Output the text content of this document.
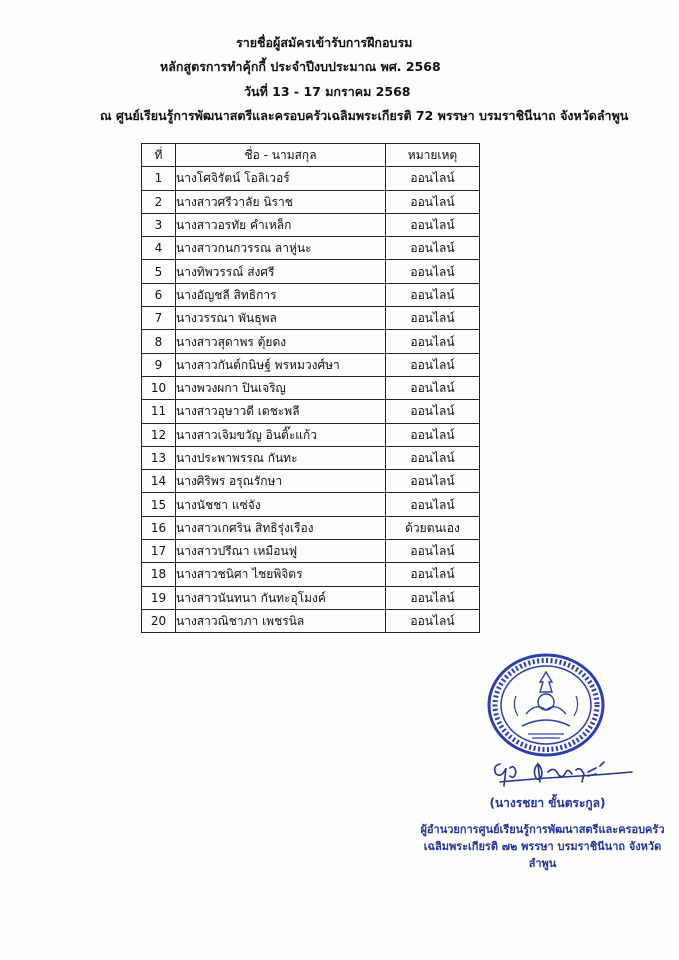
รายชื่อผู้สมัครเข้ารับการฝึกอบรม
หลักสูตรการทำคุ้กกี้ ประจำปีงบประมาณ พศ. 2568
วันที่ 13 - 17 มกราคม 2568
ณ ศูนย์เรียนรู้การพัฒนาสตรีและครอบครัวเฉลิมพระเกียรติ 72 พรรษา บรมราชินีนาถ จังหวัดลำพูน
ที่	ชื่อ - นามสกุล	หมายเหตุ
1	นางโศจิรัตน์ โอลิเวอร์	ออนไลน์
2	นางสาวศรีวาลัย นิราช	ออนไลน์
3	นางสาวอรทัย คำเหล็ก	ออนไลน์
4	นางสาวกนกวรรณ ลาหู่นะ	ออนไลน์
5	นางทิพวรรณ์ ส่งศรี	ออนไลน์
6	นางอัญชลี สิทธิการ	ออนไลน์
7	นางวรรณา พันธุพล	ออนไลน์
8	นางสาวสุดาพร ตุ้ยดง	ออนไลน์
9	นางสาวกันต์กนิษฐ์ พรหมวงศ์ษา	ออนไลน์
10	นางพวงผกา ปินเจริญ	ออนไลน์
11	นางสาวอุษาวดี เตชะพลี	ออนไลน์
12	นางสาวเจิมขวัญ อินติ๊ะแก้ว	ออนไลน์
13	นางประพาพรรณ กันทะ	ออนไลน์
14	นางศิริพร อรุณรักษา	ออนไลน์
15	นางนัชชา แซ่จัง	ออนไลน์
16	นางสาวเกศริน สิทธิรุ่งเรือง	ด้วยตนเอง
17	นางสาวปรีณา เหมือนฟู	ออนไลน์
18	นางสาวชนิศา ไชยพิจิตร	ออนไลน์
19	นางสาวนันทนา กันทะอุโมงค์	ออนไลน์
20	นางสาวณิชาภา เพชรนิล	ออนไลน์
(นางรชยา ขั้นตระกูล)
ผู้อำนวยการศูนย์เรียนรู้การพัฒนาสตรีและครอบครัว
เฉลิมพระเกียรติ ๗๒ พรรษา บรมราชินีนาถ จังหวัดลำพูน
